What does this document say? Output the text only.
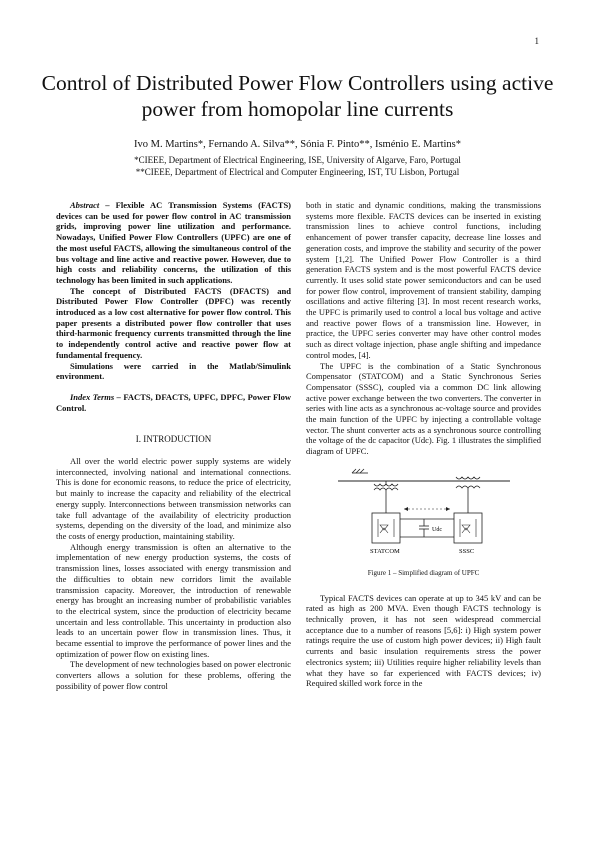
1
Control of Distributed Power Flow Controllers using active power from homopolar line currents
Ivo M. Martins*, Fernando A. Silva**, Sónia F. Pinto**, Isménio E. Martins*
*CIEEE, Department of Electrical Engineering, ISE, University of Algarve, Faro, Portugal
**CIEEE, Department of Electrical and Computer Engineering, IST, TU Lisbon, Portugal

Abstract – Flexible AC Transmission Systems (FACTS) devices can be used for power flow control in AC transmission grids, improving power line utilization and performance. Nowadays, Unified Power Flow Controllers (UPFC) are one of the most useful FACTS, allowing the simultaneous control of the bus voltage and line active and reactive power. However, due to high costs and reliability concerns, the utilization of this technology has been limited in such applications.

The concept of Distributed FACTS (DFACTS) and Distributed Power Flow Controller (DPFC) was recently introduced as a low cost alternative for power flow control. This paper presents a distributed power flow controller that uses third-harmonic frequency currents transmitted through the line to independently control active and reactive power flow at fundamental frequency.

Simulations were carried in the Matlab/Simulink environment.

Index Terms – FACTS, DFACTS, UPFC, DPFC, Power Flow Control.

I. INTRODUCTION

All over the world electric power supply systems are widely interconnected, involving national and international connections. This is done for economic reasons, to reduce the price of electricity, but mainly to increase the capacity and reliability of the electrical energy supply. Interconnections between transmission networks can take full advantage of the availability of electricity production systems, depending on the diversity of the load, and minimize also the costs of energy production, maintaining stability.

Although energy transmission is often an alternative to the implementation of new energy production systems, the costs of transmission lines, losses associated with energy transmission and the difficulties to obtain new corridors limit the available transmission capacity. Moreover, the introduction of renewable energy has brought an increasing number of probabilistic variables to the electrical system, since the production of electricity became uncertain and less controllable. This uncertainty in production also leads to an uncertain power flow in transmission lines. Thus, it became essential to improve the performance of power lines and the optimization of power flow on existing lines.

The development of new technologies based on power electronic converters allows a solution for these problems, offering the possibility of power flow control

both in static and dynamic conditions, making the transmissions systems more flexible. FACTS devices can be inserted in existing transmission lines to achieve control functions, including enhancement of power transfer capacity, decrease line losses and generation costs, and improve the stability and security of the power system [1,2]. The Unified Power Flow Controller is a third generation FACTS system and is the most powerful FACTS device currently. It uses solid state power semiconductors and can be used for power flow control, improvement of transient stability, damping oscillations and active filtering [3]. In most recent research works, the UPFC is primarily used to control a local bus voltage and active and reactive power flows of a transmission line. However, in practice, the UPFC series converter may have other control modes such as direct voltage injection, phase angle shifting and impedance control modes, [4].

The UPFC is the combination of a Static Synchronous Compensator (STATCOM) and a Static Synchronous Series Compensator (SSSC), coupled via a common DC link allowing active power exchange between the two converters. The converter in series with line acts as a synchronous ac-voltage source and provides the main function of the UPFC by injecting a controllable voltage vector. The shunt converter acts as a synchronous source controlling the voltage of the dc capacitor (Udc). Fig. 1 illustrates the simplified diagram of UPFC.

Udc
STATCOM	SSSC
Figure 1 – Simplified diagram of UPFC

Typical FACTS devices can operate at up to 345 kV and can be rated as high as 200 MVA. Even though FACTS technology is technically proven, it has not seen widespread commercial acceptance due to a number of reasons [5,6]: i) High system power ratings require the use of custom high power devices; ii) High fault currents and basic insulation requirements stress the power electronics system; iii) Utilities require higher reliability levels than what they have so far experienced with FACTS devices; iv) Required skilled work force in the
